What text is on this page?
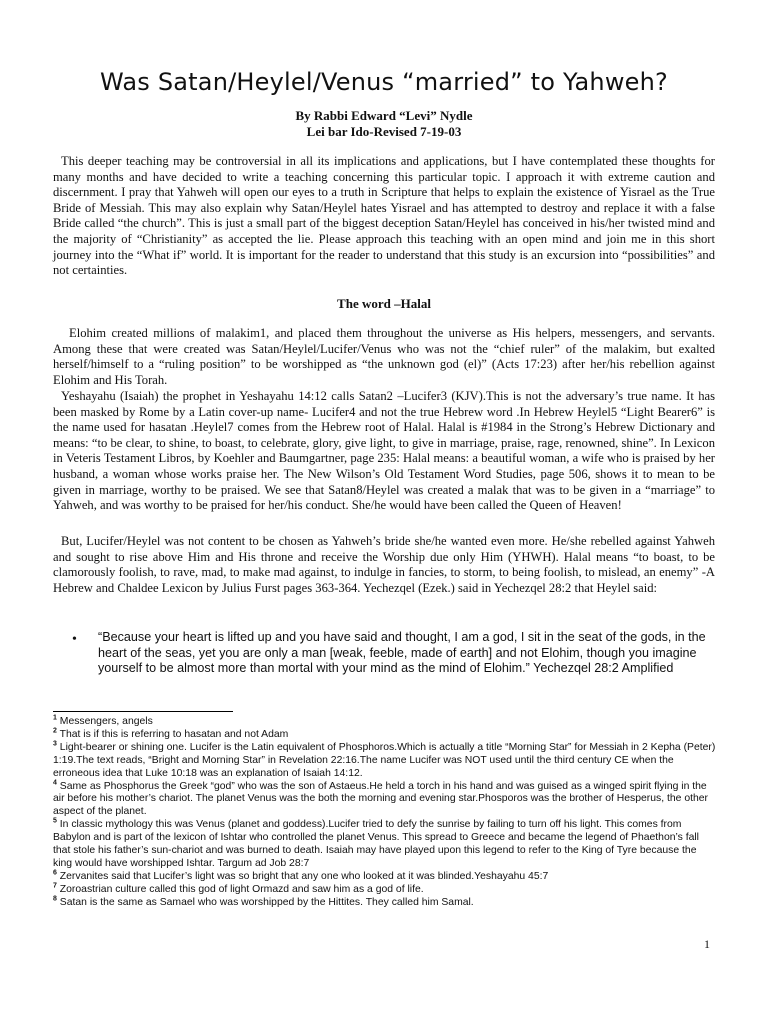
Was Satan/Heylel/Venus “married” to Yahweh?
By Rabbi Edward “Levi” Nydle
Lei bar Ido-Revised 7-19-03

This deeper teaching may be controversial in all its implications and applications, but I have contemplated these thoughts for many months and have decided to write a teaching concerning this particular topic. I approach it with extreme caution and discernment. I pray that Yahweh will open our eyes to a truth in Scripture that helps to explain the existence of Yisrael as the True Bride of Messiah. This may also explain why Satan/Heylel hates Yisrael and has attempted to destroy and replace it with a false Bride called “the church”. This is just a small part of the biggest deception Satan/Heylel has conceived in his/her twisted mind and the majority of “Christianity” as accepted the lie. Please approach this teaching with an open mind and join me in this short journey into the “What if” world. It is important for the reader to understand that this study is an excursion into “possibilities” and not certainties.

The word –Halal

Elohim created millions of malakim1, and placed them throughout the universe as His helpers, messengers, and servants. Among these that were created was Satan/Heylel/Lucifer/Venus who was not the “chief ruler” of the malakim, but exalted herself/himself to a “ruling position” to be worshipped as “the unknown god (el)” (Acts 17:23) after her/his rebellion against Elohim and His Torah.

Yeshayahu (Isaiah) the prophet in Yeshayahu 14:12 calls Satan2 –Lucifer3 (KJV).This is not the adversary’s true name. It has been masked by Rome by a Latin cover-up name- Lucifer4 and not the true Hebrew word .In Hebrew Heylel5 “Light Bearer6” is the name used for hasatan .Heylel7 comes from the Hebrew root of Halal. Halal is #1984 in the Strong’s Hebrew Dictionary and means: “to be clear, to shine, to boast, to celebrate, glory, give light, to give in marriage, praise, rage, renowned, shine”. In Lexicon in Veteris Testament Libros, by Koehler and Baumgartner, page 235: Halal means: a beautiful woman, a wife who is praised by her husband, a woman whose works praise her. The New Wilson’s Old Testament Word Studies, page 506, shows it to mean to be given in marriage, worthy to be praised. We see that Satan8/Heylel was created a malak that was to be given in a “marriage” to Yahweh, and was worthy to be praised for her/his conduct. She/he would have been called the Queen of Heaven!

But, Lucifer/Heylel was not content to be chosen as Yahweh’s bride she/he wanted even more. He/she rebelled against Yahweh and sought to rise above Him and His throne and receive the Worship due only Him (YHWH). Halal means “to boast, to be clamorously foolish, to rave, mad, to make mad against, to indulge in fancies, to storm, to being foolish, to mislead, an enemy” -A Hebrew and Chaldee Lexicon by Julius Furst pages 363-364. Yechezqel (Ezek.) said in Yechezqel 28:2 that Heylel said:

• “Because your heart is lifted up and you have said and thought, I am a god, I sit in the seat of the gods, in the heart of the seas, yet you are only a man [weak, feeble, made of earth] and not Elohim, though you imagine yourself to be almost more than mortal with your mind as the mind of Elohim.” Yechezqel 28:2 Amplified

$^1$ Messengers, angels

$^2$ That is if this is referring to hasatan and not Adam

$^3$ Light-bearer or shining one. Lucifer is the Latin equivalent of Phosphoros.Which is actually a title “Morning Star” for Messiah in 2 Kepha (Peter) 1:19.The text reads, “Bright and Morning Star” in Revelation 22:16.The name Lucifer was NOT used until the third century CE when the erroneous idea that Luke 10:18 was an explanation of Isaiah 14:12.

$^4$ Same as Phosphorus the Greek “god” who was the son of Astaeus.He held a torch in his hand and was guised as a winged spirit flying in the air before his mother’s chariot. The planet Venus was the both the morning and evening star.Phosporos was the brother of Hesperus, the other aspect of the planet.

$^5$ In classic mythology this was Venus (planet and goddess).Lucifer tried to defy the sunrise by failing to turn off his light. This comes from Babylon and is part of the lexicon of Ishtar who controlled the planet Venus. This spread to Greece and became the legend of Phaethon’s fall that stole his father’s sun-chariot and was burned to death. Isaiah may have played upon this legend to refer to the King of Tyre because the king would have worshipped Ishtar. Targum ad Job 28:7

$^6$ Zervanites said that Lucifer’s light was so bright that any one who looked at it was blinded.Yeshayahu 45:7

$^7$ Zoroastrian culture called this god of light Ormazd and saw him as a god of life.

$^8$ Satan is the same as Samael who was worshipped by the Hittites. They called him Samal.

1
